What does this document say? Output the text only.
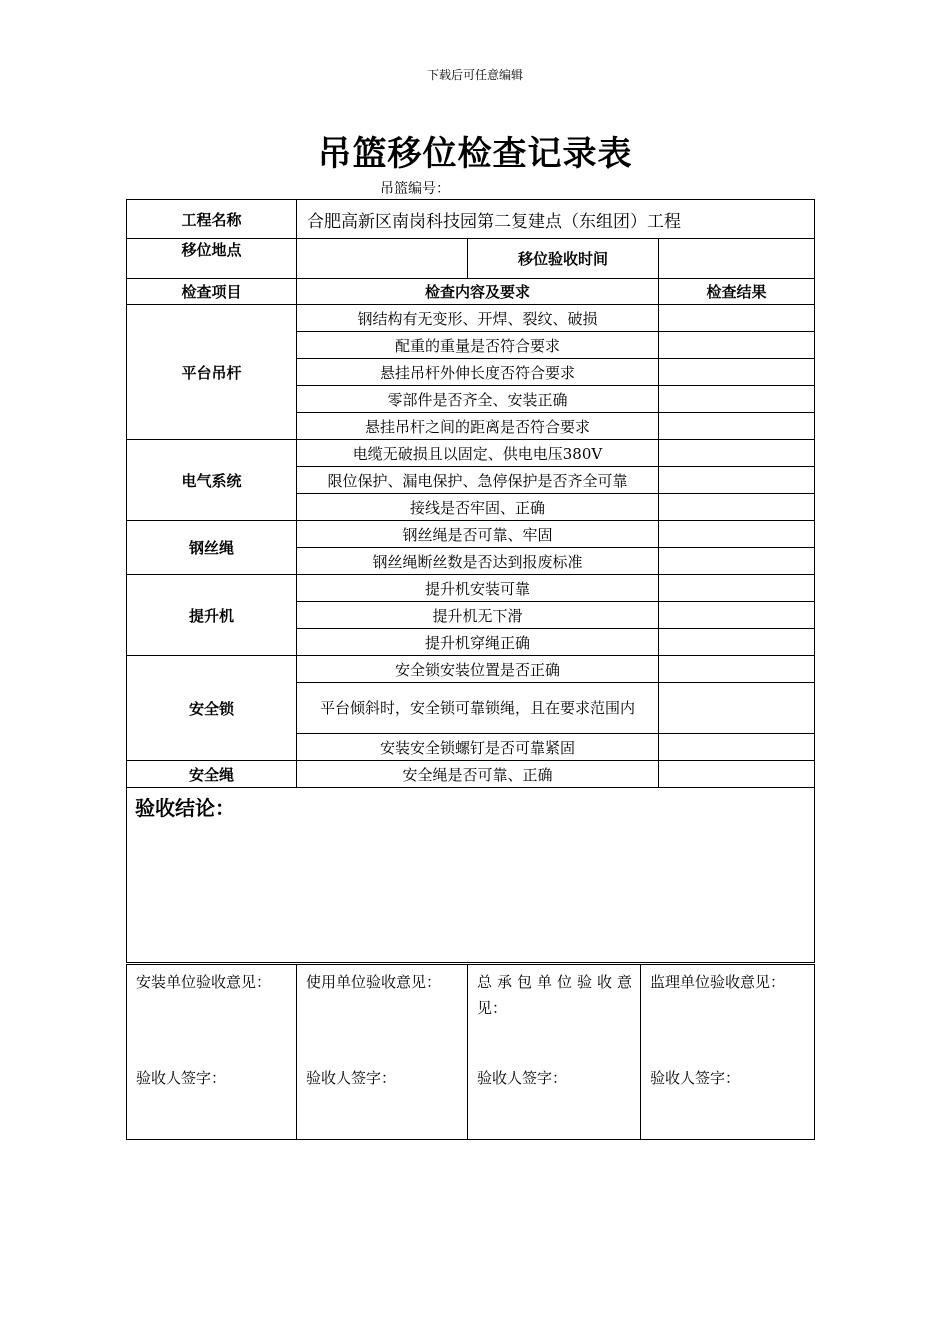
下载后可任意编辑
吊篮移位检查记录表
吊篮编号：
工程名称	合肥高新区南岗科技园第二复建点（东组团）工程		
移位地点		移位验收时间	
检查项目	检查内容及要求		检查结果
平台吊杆	钢结构有无变形、开焊、裂纹、破损		
	配重的重量是否符合要求		
	悬挂吊杆外伸长度否符合要求		
	零部件是否齐全、安装正确		
	悬挂吊杆之间的距离是否符合要求		
电气系统	电缆无破损且以固定、供电电压380V		
	限位保护、漏电保护、急停保护是否齐全可靠		
	接线是否牢固、正确		
钢丝绳	钢丝绳是否可靠、牢固		
	钢丝绳断丝数是否达到报废标准		
提升机	提升机安装可靠		
	提升机无下滑		
	提升机穿绳正确		
安全锁	安全锁安装位置是否正确		
	平台倾斜时，安全锁可靠锁绳，且在要求范围内		
	安装安全锁螺钉是否可靠紧固		
安全绳	安全绳是否可靠、正确		
验收结论：			
安装单位验收意见：
验收人签字：

使用单位验收意见：
验收人签字：

总承包单位验收意
见：
验收人签字：

监理单位验收意见：
验收人签字：
